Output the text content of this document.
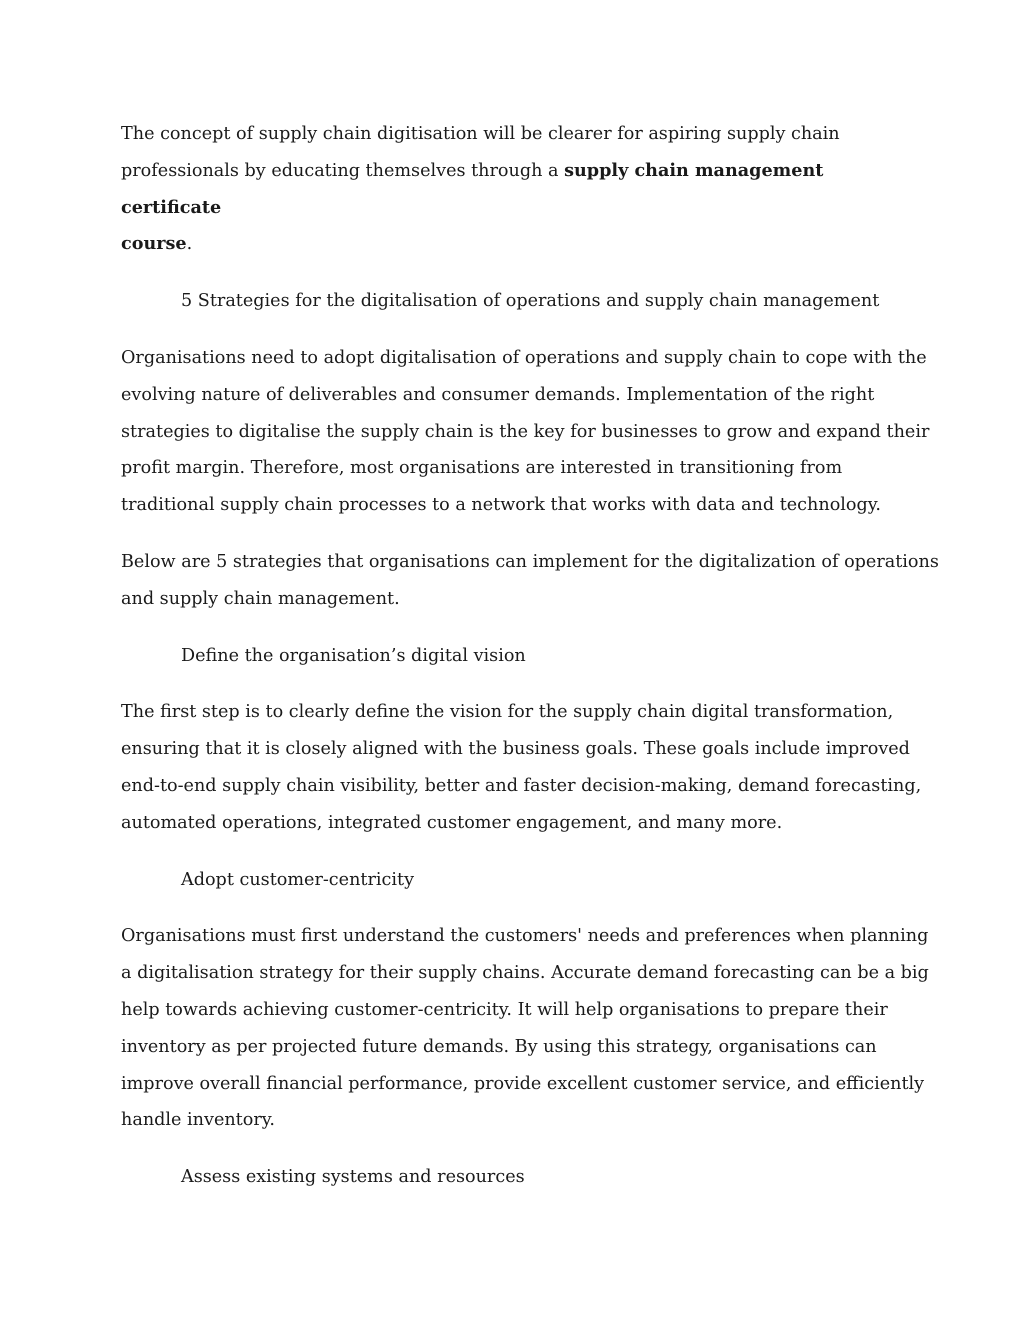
The concept of supply chain digitisation will be clearer for aspiring supply chain
professionals by educating themselves through a supply chain management certificate
course.

5 Strategies for the digitalisation of operations and supply chain management

Organisations need to adopt digitalisation of operations and supply chain to cope with the
evolving nature of deliverables and consumer demands. Implementation of the right
strategies to digitalise the supply chain is the key for businesses to grow and expand their
profit margin. Therefore, most organisations are interested in transitioning from
traditional supply chain processes to a network that works with data and technology.

Below are 5 strategies that organisations can implement for the digitalization of operations
and supply chain management.

Define the organisation’s digital vision

The first step is to clearly define the vision for the supply chain digital transformation,
ensuring that it is closely aligned with the business goals. These goals include improved
end-to-end supply chain visibility, better and faster decision-making, demand forecasting,
automated operations, integrated customer engagement, and many more.

Adopt customer-centricity

Organisations must first understand the customers' needs and preferences when planning
a digitalisation strategy for their supply chains. Accurate demand forecasting can be a big
help towards achieving customer-centricity. It will help organisations to prepare their
inventory as per projected future demands. By using this strategy, organisations can
improve overall financial performance, provide excellent customer service, and efficiently
handle inventory.

Assess existing systems and resources
